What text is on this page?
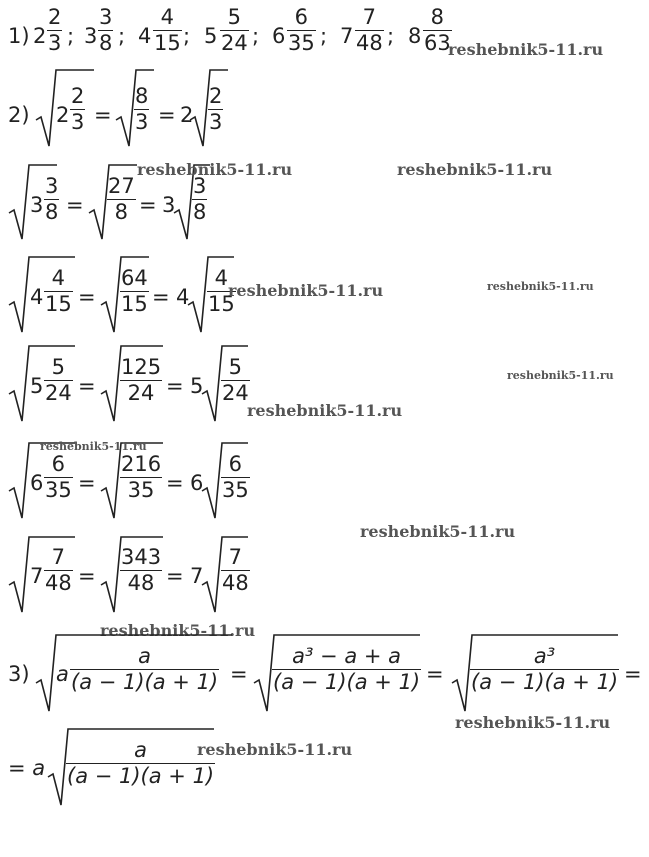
1) 2
2
3 ; 3
3
8 ; 4
4
15 ; 5
5
24 ; 6
6
35 ; 7
7
48 ; 8
8
63
reshebnik5-11.ru
2) 2
2
3 =
8
3 = 2
2
3
3
3
8 =
27
8 = 3
3
8
reshebnik5-11.ru	reshebnik5-11.ru
4
4
15 =
64
15 = 4
4
15
reshebnik5-11.ru	reshebnik5-11.ru
5
5
24 =
125
24 = 5
5
24
reshebnik5-11.ru
reshebnik5-11.ru
6
6
35 =
216
35 = 6
6
35
reshebnik5-11.ru
reshebnik5-11.ru
7
7
48 =
343
48 = 7
7
48
reshebnik5-11.ru
3) a
a
(a − 1)(a + 1) =
a³ − a + a
(a − 1)(a + 1) =
a³
(a − 1)(a + 1) =
reshebnik5-11.ru
= a
a
(a − 1)(a + 1)
reshebnik5-11.ru
